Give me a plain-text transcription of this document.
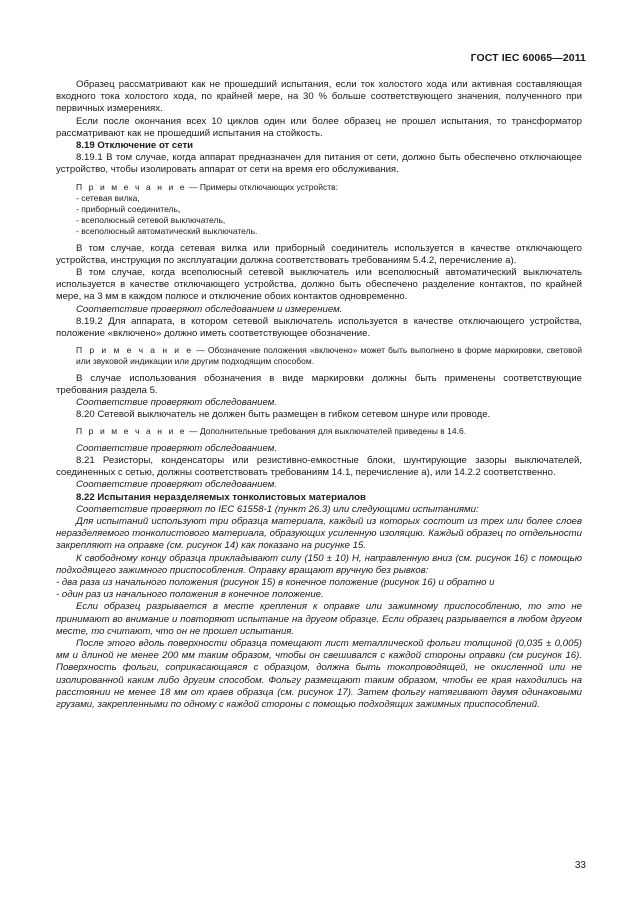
ГОСТ IEC 60065—2011

Образец рассматривают как не прошедший испытания, если ток холостого хода или активная составляющая входного тока холостого хода, по крайней мере, на 30 % больше соответствующего значения, полученного при первичных измерениях.

Если после окончания всех 10 циклов один или более образец не прошел испытания, то трансформатор рассматривают как не прошедший испытания на стойкость.

8.19 Отключение от сети

8.19.1 В том случае, когда аппарат предназначен для питания от сети, должно быть обеспечено отключающее устройство, чтобы изолировать аппарат от сети на время его обслуживания.

П р и м е ч а н и е — Примеры отключающих устройств:
- сетевая вилка,
- приборный соединитель,
- всеполюсный сетевой выключатель,
- всеполюсный автоматический выключатель.

В том случае, когда сетевая вилка или приборный соединитель используется в качестве отключающего устройства, инструкция по эксплуатации должна соответствовать требованиям 5.4.2, перечисление а).

В том случае, когда всеполюсный сетевой выключатель или всеполюсный автоматический выключатель используется в качестве отключающего устройства, должно быть обеспечено разделение контактов, по крайней мере, на 3 мм в каждом полюсе и отключение обоих контактов одновременно.

Соответствие проверяют обследованием и измерением.

8.19.2 Для аппарата, в котором сетевой выключатель используется в качестве отключающего устройства, положение «включено» должно иметь соответствующее обозначение.

П р и м е ч а н и е — Обозначение положения «включено» может быть выполнено в форме маркировки, световой или звуковой индикации или другим подходящим способом.

В случае использования обозначения в виде маркировки должны быть применены соответствующие требования раздела 5.

Соответствие проверяют обследованием.

8.20 Сетевой выключатель не должен быть размещен в гибком сетевом шнуре или проводе.

П р и м е ч а н и е — Дополнительные требования для выключателей приведены в 14.6.

Соответствие проверяют обследованием.

8.21 Резисторы, конденсаторы или резистивно-емкостные блоки, шунтирующие зазоры выключателей, соединенных с сетью, должны соответствовать требованиям 14.1, перечисление а), или 14.2.2 соответственно.

Соответствие проверяют обследованием.

8.22 Испытания неразделяемых тонколистовых материалов

Соответствие проверяют по IEC 61558-1 (пункт 26.3) или следующими испытаниями:

Для испытаний используют три образца материала, каждый из которых состоит из трех или более слоев неразделяемого тонколистового материала, образующих усиленную изоляцию. Каждый образец по отдельности закрепляют на оправке (см. рисунок 14) как показано на рисунке 15.

К свободному концу образца прикладывают силу (150 ± 10) Н, направленную вниз (см. рисунок 16) с помощью подходящего зажимного приспособления. Оправку вращают вручную без рывков:

- два раза из начального положения (рисунок 15) в конечное положение (рисунок 16) и обратно и

- один раз из начального положения в конечное положение.

Если образец разрывается в месте крепления к оправке или зажимному приспособлению, то это не принимают во внимание и повторяют испытание на другом образце. Если образец разрывается в любом другом месте, то считают, что он не прошел испытания.

После этого вдоль поверхности образца помещают лист металлической фольги толщиной (0,035 ± 0,005) мм и длиной не менее 200 мм таким образом, чтобы он свешивался с каждой стороны оправки (см рисунок 16). Поверхность фольги, соприкасающаяся с образцом, должна быть токопроводящей, не окисленной или не изолированной каким либо другим способом. Фольгу размещают таким образом, чтобы ее края находились на расстоянии не менее 18 мм от краев образца (см. рисунок 17). Затем фольгу натягивают двумя одинаковыми грузами, закрепленными по одному с каждой стороны с помощью подходящих зажимных приспособлений.

33
